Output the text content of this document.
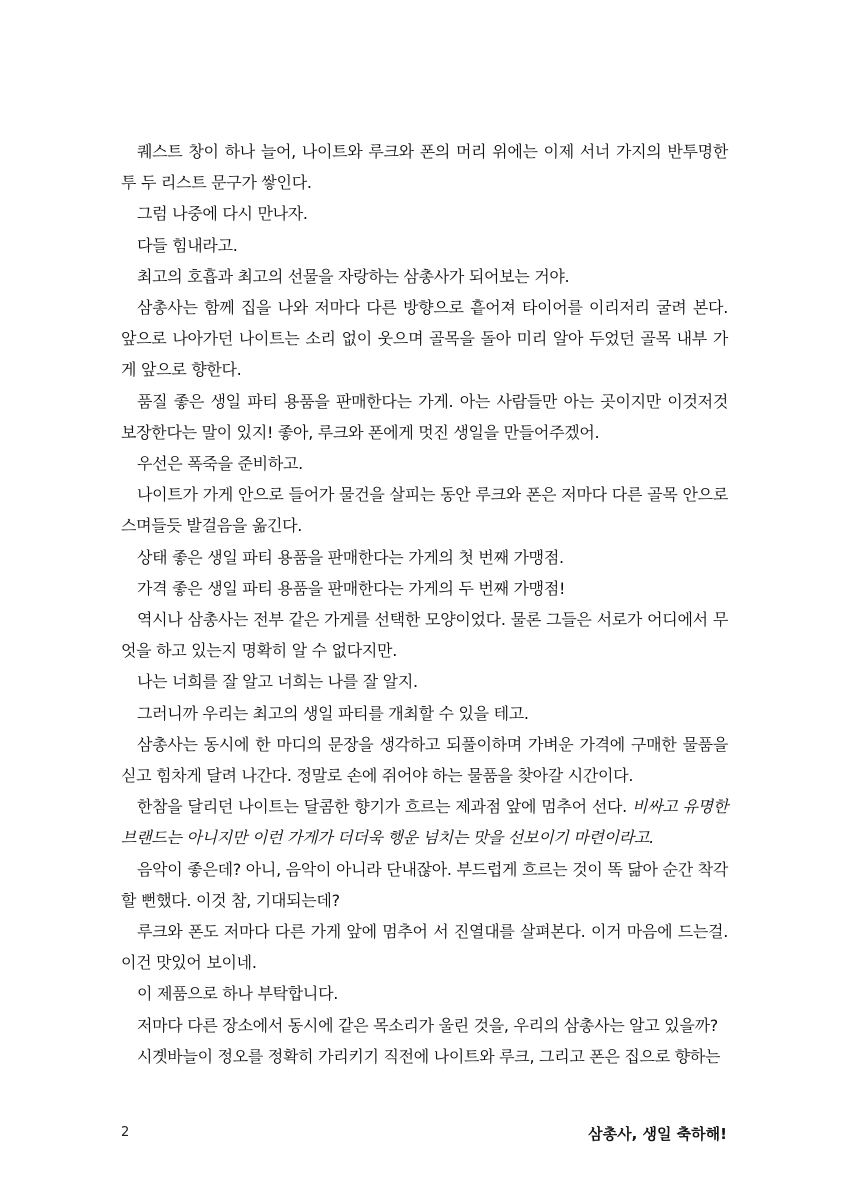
퀘스트 창이 하나 늘어, 나이트와 루크와 폰의 머리 위에는 이제 서너 가지의 반투명한 투 두 리스트 문구가 쌓인다.

그럼 나중에 다시 만나자.

다들 힘내라고.

최고의 호흡과 최고의 선물을 자랑하는 삼총사가 되어보는 거야.

삼총사는 함께 집을 나와 저마다 다른 방향으로 흩어져 타이어를 이리저리 굴려 본다. 앞으로 나아가던 나이트는 소리 없이 웃으며 골목을 돌아 미리 알아 두었던 골목 내부 가게 앞으로 향한다.

품질 좋은 생일 파티 용품을 판매한다는 가게. 아는 사람들만 아는 곳이지만 이것저것 보장한다는 말이 있지! 좋아, 루크와 폰에게 멋진 생일을 만들어주겠어.

우선은 폭죽을 준비하고.

나이트가 가게 안으로 들어가 물건을 살피는 동안 루크와 폰은 저마다 다른 골목 안으로 스며들듯 발걸음을 옮긴다.

상태 좋은 생일 파티 용품을 판매한다는 가게의 첫 번째 가맹점.

가격 좋은 생일 파티 용품을 판매한다는 가게의 두 번째 가맹점!

역시나 삼총사는 전부 같은 가게를 선택한 모양이었다. 물론 그들은 서로가 어디에서 무엇을 하고 있는지 명확히 알 수 없다지만.

나는 너희를 잘 알고 너희는 나를 잘 알지.

그러니까 우리는 최고의 생일 파티를 개최할 수 있을 테고.

삼총사는 동시에 한 마디의 문장을 생각하고 되풀이하며 가벼운 가격에 구매한 물품을 싣고 힘차게 달려 나간다. 정말로 손에 쥐어야 하는 물품을 찾아갈 시간이다.

한참을 달리던 나이트는 달콤한 향기가 흐르는 제과점 앞에 멈추어 선다. 비싸고 유명한 브랜드는 아니지만 이런 가게가 더더욱 행운 넘치는 맛을 선보이기 마련이라고.

음악이 좋은데? 아니, 음악이 아니라 단내잖아. 부드럽게 흐르는 것이 똑 닮아 순간 착각할 뻔했다. 이것 참, 기대되는데?

루크와 폰도 저마다 다른 가게 앞에 멈추어 서 진열대를 살펴본다. 이거 마음에 드는걸. 이건 맛있어 보이네.

이 제품으로 하나 부탁합니다.

저마다 다른 장소에서 동시에 같은 목소리가 울린 것을, 우리의 삼총사는 알고 있을까?

시곗바늘이 정오를 정확히 가리키기 직전에 나이트와 루크, 그리고 폰은 집으로 향하는

2	삼총사, 생일 축하해!
